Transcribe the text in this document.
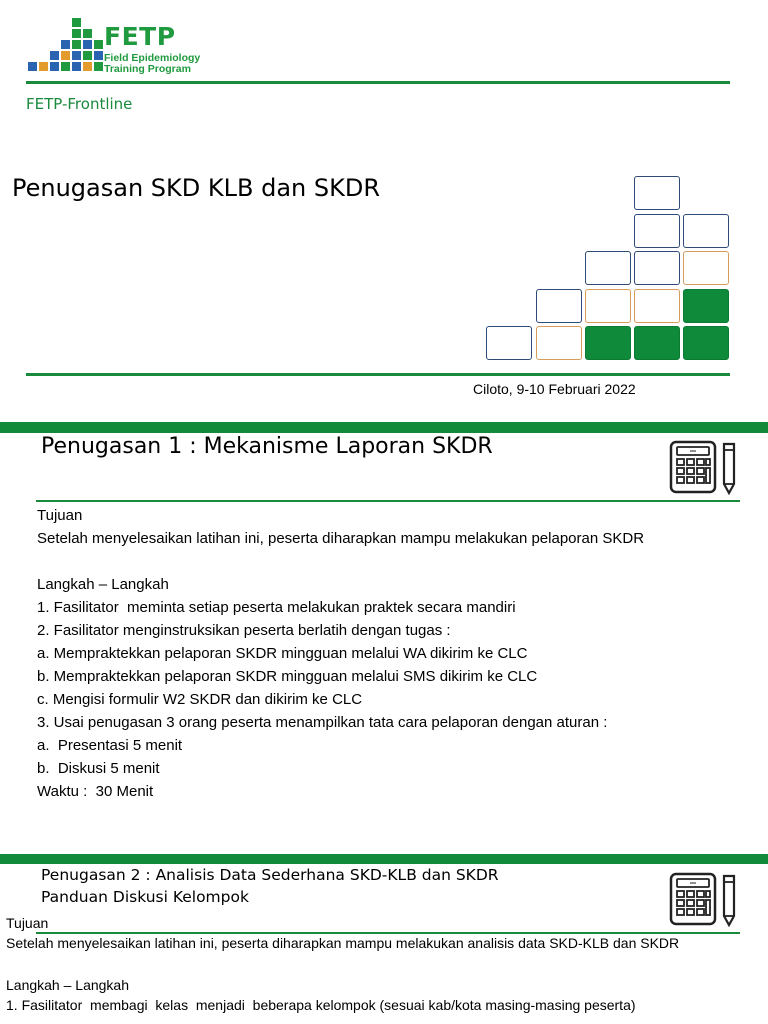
FETP
Field Epidemiology
Training Program
FETP-Frontline
Penugasan SKD KLB dan SKDR
Ciloto, 9-10 Februari 2022
Penugasan 1 : Mekanisme Laporan SKDR
Tujuan
Setelah menyelesaikan latihan ini, peserta diharapkan mampu melakukan pelaporan SKDR
Langkah – Langkah
1. Fasilitator  meminta setiap peserta melakukan praktek secara mandiri
2. Fasilitator menginstruksikan peserta berlatih dengan tugas :
a. Mempraktekkan pelaporan SKDR mingguan melalui WA dikirim ke CLC
b. Mempraktekkan pelaporan SKDR mingguan melalui SMS dikirim ke CLC
c. Mengisi formulir W2 SKDR dan dikirim ke CLC
3. Usai penugasan 3 orang peserta menampilkan tata cara pelaporan dengan aturan :
a.  Presentasi 5 menit
b.  Diskusi 5 menit
Waktu :  30 Menit
Penugasan 2 : Analisis Data Sederhana SKD-KLB dan SKDR
Panduan Diskusi Kelompok
Tujuan
Setelah menyelesaikan latihan ini, peserta diharapkan mampu melakukan analisis data SKD-KLB dan SKDR
Langkah – Langkah
1. Fasilitator  membagi  kelas  menjadi  beberapa kelompok (sesuai kab/kota masing-masing peserta)
